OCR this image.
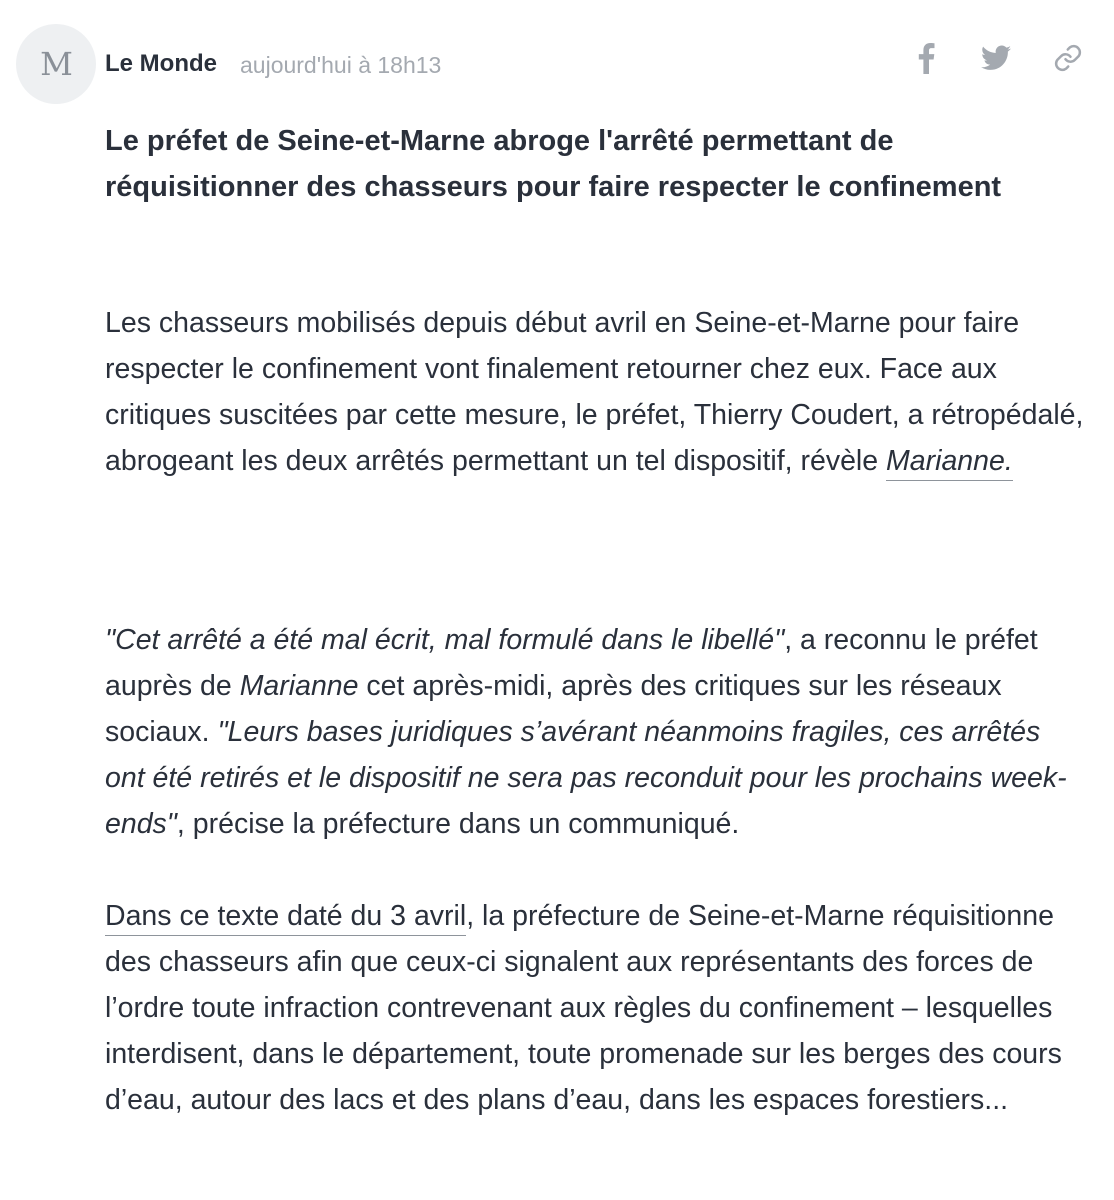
M Le Monde aujourd'hui à 18h13
Le préfet de Seine-et-Marne abroge l'arrêté permettant de
réquisitionner des chasseurs pour faire respecter le confinement

Les chasseurs mobilisés depuis début avril en Seine-et-Marne pour faire respecter le confinement vont finalement retourner chez eux. Face aux critiques suscitées par cette mesure, le préfet, Thierry Coudert, a rétropédalé, abrogeant les deux arrêtés permettant un tel dispositif, révèle Marianne.

"Cet arrêté a été mal écrit, mal formulé dans le libellé", a reconnu le préfet auprès de Marianne cet après-midi, après des critiques sur les réseaux sociaux. "Leurs bases juridiques s’avérant néanmoins fragiles, ces arrêtés ont été retirés et le dispositif ne sera pas reconduit pour les prochains week-ends", précise la préfecture dans un communiqué.

Dans ce texte daté du 3 avril, la préfecture de Seine-et-Marne réquisitionne des chasseurs afin que ceux-ci signalent aux représentants des forces de l’ordre toute infraction contrevenant aux règles du confinement – lesquelles interdisent, dans le département, toute promenade sur les berges des cours d’eau, autour des lacs et des plans d’eau, dans les espaces forestiers...
